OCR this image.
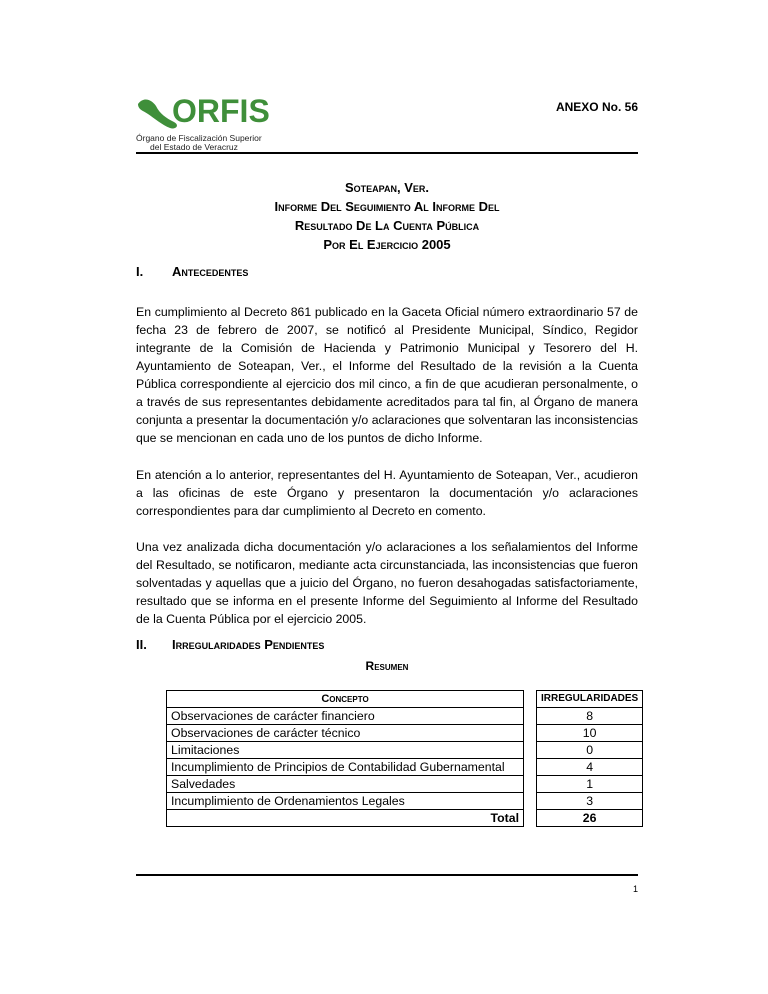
ORFIS
Órgano de Fiscalización Superior
del Estado de Veracruz
ANEXO No. 56
Soteapan, Ver.
Informe Del Seguimiento Al Informe Del
Resultado De La Cuenta Pública
Por El Ejercicio 2005
I. Antecedentes

En cumplimiento al Decreto 861 publicado en la Gaceta Oficial número extraordinario 57 de fecha 23 de febrero de 2007, se notificó al Presidente Municipal, Síndico, Regidor integrante de la Comisión de Hacienda y Patrimonio Municipal y Tesorero del H. Ayuntamiento de Soteapan, Ver., el Informe del Resultado de la revisión a la Cuenta Pública correspondiente al ejercicio dos mil cinco, a fin de que acudieran personalmente, o a través de sus representantes debidamente acreditados para tal fin, al Órgano de manera conjunta a presentar la documentación y/o aclaraciones que solventaran las inconsistencias que se mencionan en cada uno de los puntos de dicho Informe.

En atención a lo anterior, representantes del H. Ayuntamiento de Soteapan, Ver., acudieron a las oficinas de este Órgano y presentaron la documentación y/o aclaraciones correspondientes para dar cumplimiento al Decreto en comento.

Una vez analizada dicha documentación y/o aclaraciones a los señalamientos del Informe del Resultado, se notificaron, mediante acta circunstanciada, las inconsistencias que fueron solventadas y aquellas que a juicio del Órgano, no fueron desahogadas satisfactoriamente, resultado que se informa en el presente Informe del Seguimiento al Informe del Resultado de la Cuenta Pública por el ejercicio 2005.

II. Irregularidades Pendientes
Resumen
Concepto		IRREGULARIDADES
Observaciones de carácter financiero		8
Observaciones de carácter técnico		10
Limitaciones		0
Incumplimiento de Principios de Contabilidad Gubernamental		4
Salvedades		1
Incumplimiento de Ordenamientos Legales		3
Total		26
1
